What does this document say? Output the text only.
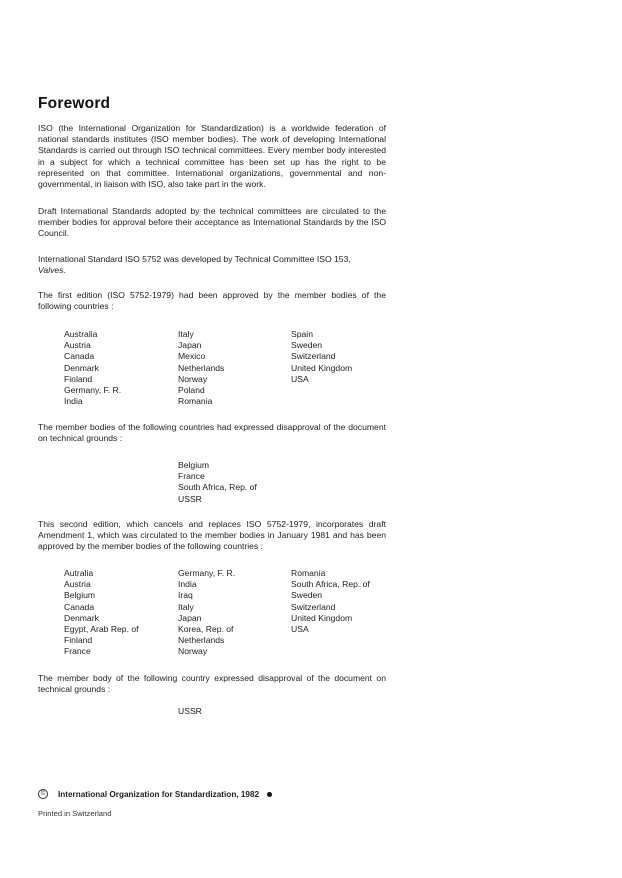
Foreword

ISO (the International Organization for Standardization) is a worldwide federation of national standards institutes (ISO member bodies). The work of developing International Standards is carried out through ISO technical committees. Every member body interested in a subject for which a technical committee has been set up has the right to be represented on that committee. International organizations, governmental and non-governmental, in liaison with ISO, also take part in the work.

Draft International Standards adopted by the technical committees are circulated to the member bodies for approval before their acceptance as International Standards by the ISO Council.

International Standard ISO 5752 was developed by Technical Committee ISO 153,
Valves.

The first edition (ISO 5752-1979) had been approved by the member bodies of the following countries :

Australia
Austria
Canada
Denmark
Finland
Germany, F. R.
India
Italy
Japan
Mexico
Netherlands
Norway
Poland
Romania
Spain
Sweden
Switzerland
United Kingdom
USA

The member bodies of the following countries had expressed disapproval of the document on technical grounds :

Belgium
France
South Africa, Rep. of
USSR

This second edition, which cancels and replaces ISO 5752-1979, incorporates draft Amendment 1, which was circulated to the member bodies in January 1981 and has been approved by the member bodies of the following countries :

Autralia
Austria
Belgium
Canada
Denmark
Egypt, Arab Rep. of
Finland
France
Germany, F. R.
India
Iraq
Italy
Japan
Korea, Rep. of
Netherlands
Norway
Romania
South Africa, Rep. of
Sweden
Switzerland
United Kingdom
USA

The member body of the following country expressed disapproval of the document on technical grounds :

USSR
©	International Organization for Standardization, 1982
Printed in Switzerland
